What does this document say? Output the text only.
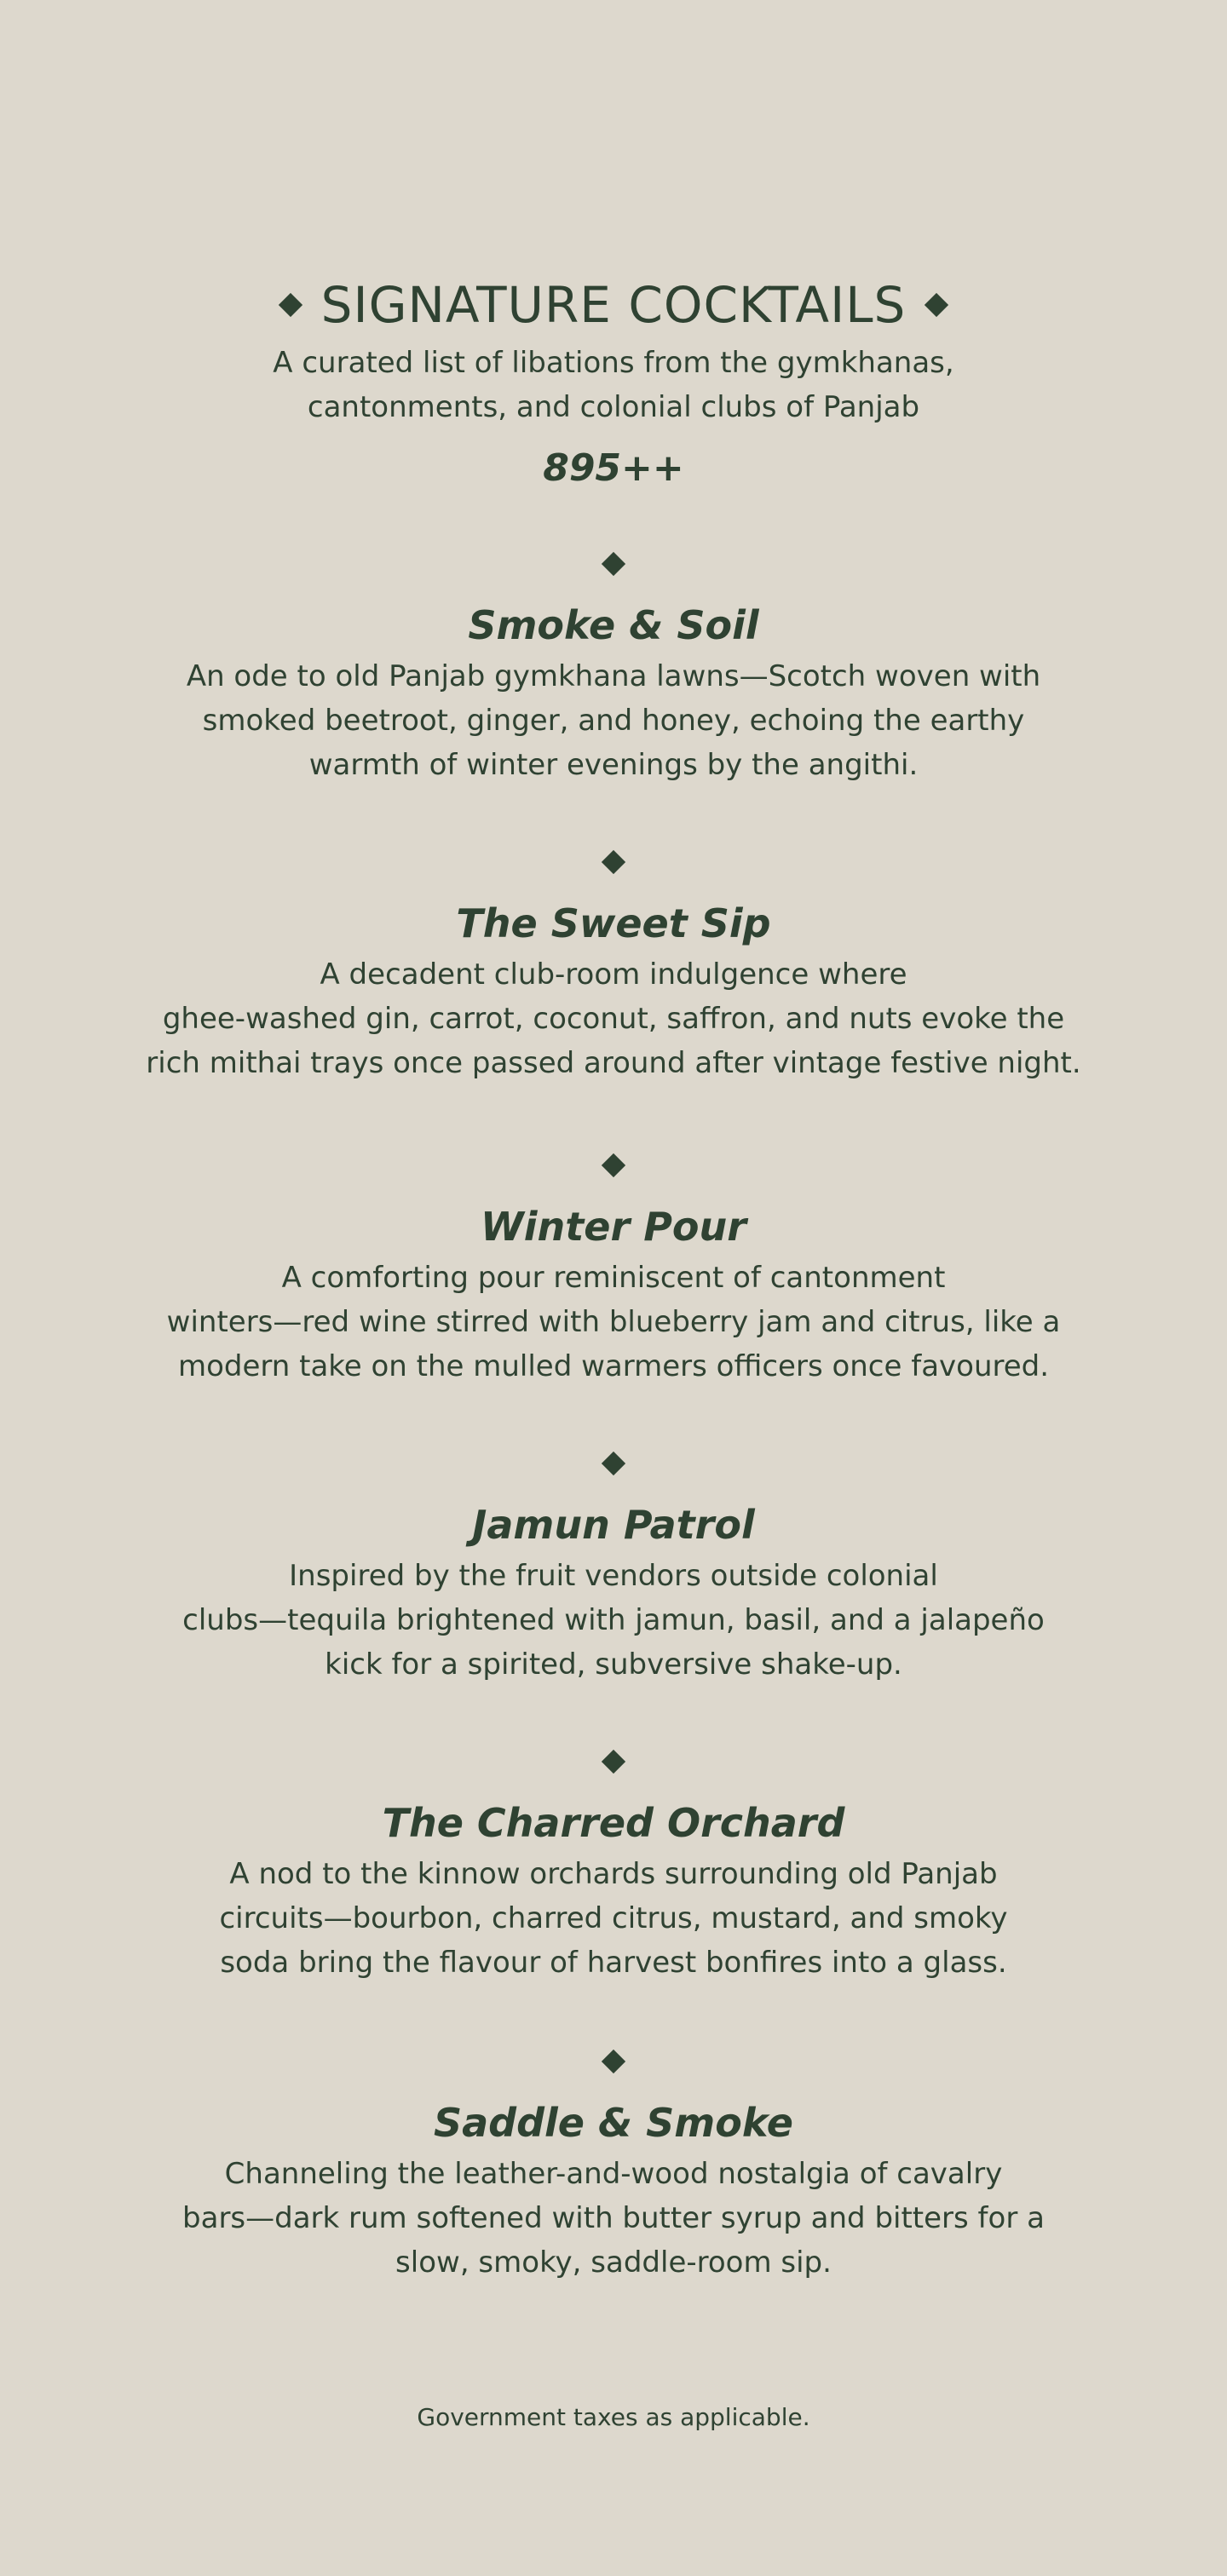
SIGNATURE COCKTAILS
A curated list of libations from the gymkhanas,
cantonments, and colonial clubs of Panjab
895++
Smoke & Soil
An ode to old Panjab gymkhana lawns—Scotch woven with
smoked beetroot, ginger, and honey, echoing the earthy
warmth of winter evenings by the angithi.
The Sweet Sip
A decadent club-room indulgence where
ghee-washed gin, carrot, coconut, saffron, and nuts evoke the
rich mithai trays once passed around after vintage festive night.
Winter Pour
A comforting pour reminiscent of cantonment
winters—red wine stirred with blueberry jam and citrus, like a
modern take on the mulled warmers officers once favoured.
Jamun Patrol
Inspired by the fruit vendors outside colonial
clubs—tequila brightened with jamun, basil, and a jalapeño
kick for a spirited, subversive shake-up.
The Charred Orchard
A nod to the kinnow orchards surrounding old Panjab
circuits—bourbon, charred citrus, mustard, and smoky
soda bring the flavour of harvest bonfires into a glass.
Saddle & Smoke
Channeling the leather-and-wood nostalgia of cavalry
bars—dark rum softened with butter syrup and bitters for a
slow, smoky, saddle-room sip.
Government taxes as applicable.
